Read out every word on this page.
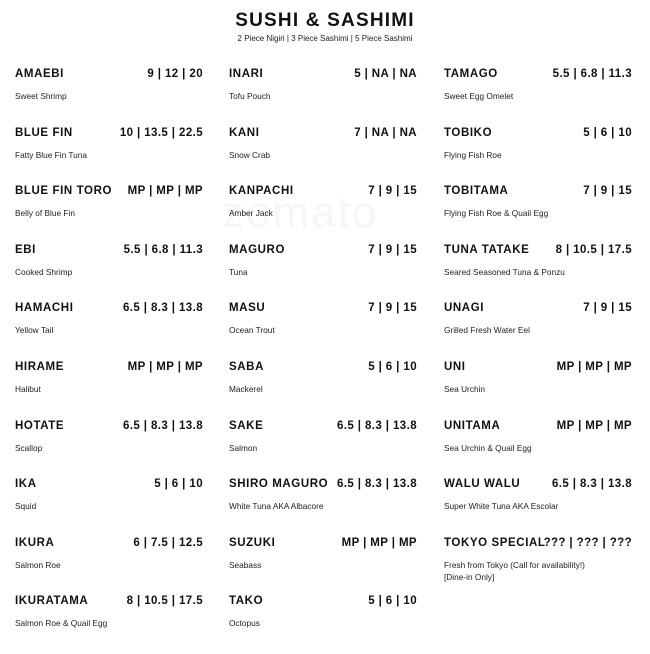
SUSHI & SASHIMI
2 Piece Nigiri | 3 Piece Sashimi | 5 Piece Sashimi
AMAEBI	9 | 12 | 20
Sweet Shrimp
BLUE FIN	10 | 13.5 | 22.5
Fatty Blue Fin Tuna
BLUE FIN TORO MP | MP | MP
Belly of Blue Fin
EBI	5.5 | 6.8 | 11.3
Cooked Shrimp
HAMACHI	6.5 | 8.3 | 13.8
Yellow Tail
HIRAME	MP | MP | MP
Halibut
HOTATE	6.5 | 8.3 | 13.8
Scallop
IKA	5 | 6 | 10
Squid
IKURA	6 | 7.5 | 12.5
Salmon Roe
IKURATAMA	8 | 10.5 | 17.5
Salmon Roe & Quail Egg
INARI	5 | NA | NA
Tofu Pouch
KANI	7 | NA | NA
Snow Crab
KANPACHI	7 | 9 | 15
Amber Jack
MAGURO	7 | 9 | 15
Tuna
MASU	7 | 9 | 15
Ocean Trout
SABA	5 | 6 | 10
Mackerel
SAKE	6.5 | 8.3 | 13.8
Salmon
SHIRO MAGURO 6.5 | 8.3 | 13.8
White Tuna AKA Albacore
SUZUKI	MP | MP | MP
Seabass
TAKO	5 | 6 | 10
Octopus
TAMAGO	5.5 | 6.8 | 11.3
Sweet Egg Omelet
TOBIKO	5 | 6 | 10
Flying Fish Roe
TOBITAMA	7 | 9 | 15
Flying Fish Roe & Quail Egg
TUNA TATAKE 8 | 10.5 | 17.5
Seared Seasoned Tuna & Ponzu
UNAGI	7 | 9 | 15
Grilled Fresh Water Eel
UNI	MP | MP | MP
Sea Urchin
UNITAMA	MP | MP | MP
Sea Urchin & Quail Egg
WALU WALU	6.5 | 8.3 | 13.8
Super White Tuna AKA Escolar
TOKYO SPECIAL
??? | ??? | ???
Fresh from Tokyo (Call for availability!)
[Dine-in Only]
